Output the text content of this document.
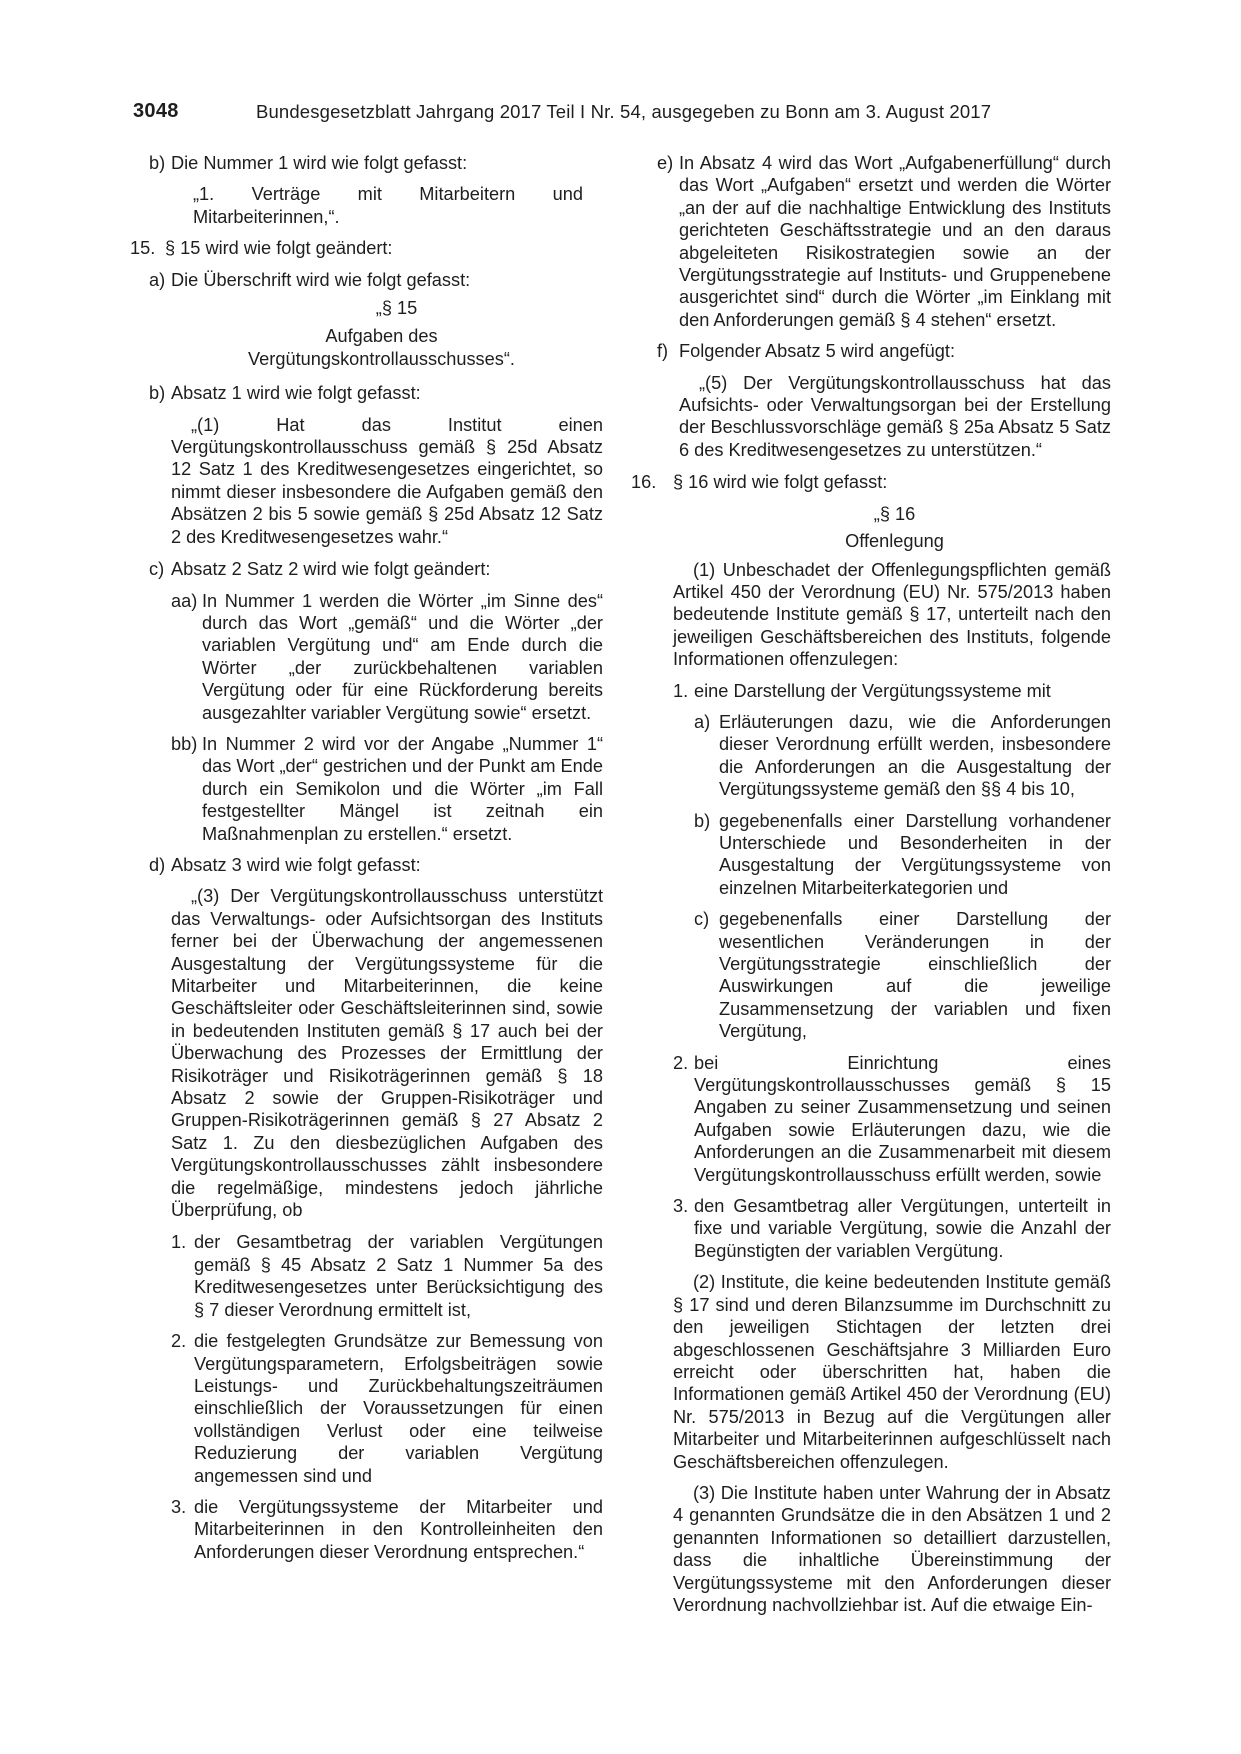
3048	Bundesgesetzblatt Jahrgang 2017 Teil I Nr. 54, ausgegeben zu Bonn am 3. August 2017
b) Die Nummer 1 wird wie folgt gefasst:
„1. Verträge mit Mitarbeitern und Mitarbeiterinnen,“.
15. § 15 wird wie folgt geändert:
a) Die Überschrift wird wie folgt gefasst:
„§ 15
Aufgaben des Vergütungskontrollausschusses“.
b) Absatz 1 wird wie folgt gefasst:
„(1) Hat das Institut einen Vergütungskontrollausschuss gemäß § 25d Absatz 12 Satz 1 des Kreditwesengesetzes eingerichtet, so nimmt dieser insbesondere die Aufgaben gemäß den Absätzen 2 bis 5 sowie gemäß § 25d Absatz 12 Satz 2 des Kreditwesengesetzes wahr.“
c) Absatz 2 Satz 2 wird wie folgt geändert:
aa) In Nummer 1 werden die Wörter „im Sinne des“ durch das Wort „gemäß“ und die Wörter „der variablen Vergütung und“ am Ende durch die Wörter „der zurückbehaltenen variablen Vergütung oder für eine Rückforderung bereits ausgezahlter variabler Vergütung sowie“ ersetzt.
bb) In Nummer 2 wird vor der Angabe „Nummer 1“ das Wort „der“ gestrichen und der Punkt am Ende durch ein Semikolon und die Wörter „im Fall festgestellter Mängel ist zeitnah ein Maßnahmenplan zu erstellen.“ ersetzt.
d) Absatz 3 wird wie folgt gefasst:
„(3) Der Vergütungskontrollausschuss unterstützt das Verwaltungs- oder Aufsichtsorgan des Instituts ferner bei der Überwachung der angemessenen Ausgestaltung der Vergütungssysteme für die Mitarbeiter und Mitarbeiterinnen, die keine Geschäftsleiter oder Geschäftsleiterinnen sind, sowie in bedeutenden Instituten gemäß § 17 auch bei der Überwachung des Prozesses der Ermittlung der Risikoträger und Risikoträgerinnen gemäß § 18 Absatz 2 sowie der Gruppen-Risikoträger und Gruppen-Risikoträgerinnen gemäß § 27 Absatz 2 Satz 1. Zu den diesbezüglichen Aufgaben des Vergütungskontrollausschusses zählt insbesondere die regelmäßige, mindestens jedoch jährliche Überprüfung, ob
1. der Gesamtbetrag der variablen Vergütungen gemäß § 45 Absatz 2 Satz 1 Nummer 5a des Kreditwesengesetzes unter Berücksichtigung des § 7 dieser Verordnung ermittelt ist,
2. die festgelegten Grundsätze zur Bemessung von Vergütungsparametern, Erfolgsbeiträgen sowie Leistungs- und Zurückbehaltungszeiträumen einschließlich der Voraussetzungen für einen vollständigen Verlust oder eine teilweise Reduzierung der variablen Vergütung angemessen sind und
3. die Vergütungssysteme der Mitarbeiter und Mitarbeiterinnen in den Kontrolleinheiten den Anforderungen dieser Verordnung entsprechen.“
e) In Absatz 4 wird das Wort „Aufgabenerfüllung“ durch das Wort „Aufgaben“ ersetzt und werden die Wörter „an der auf die nachhaltige Entwicklung des Instituts gerichteten Geschäftsstrategie und an den daraus abgeleiteten Risikostrategien sowie an der Vergütungsstrategie auf Instituts- und Gruppenebene ausgerichtet sind“ durch die Wörter „im Einklang mit den Anforderungen gemäß § 4 stehen“ ersetzt.
f) Folgender Absatz 5 wird angefügt:
„(5) Der Vergütungskontrollausschuss hat das Aufsichts- oder Verwaltungsorgan bei der Erstellung der Beschlussvorschläge gemäß § 25a Absatz 5 Satz 6 des Kreditwesengesetzes zu unterstützen.“
16. § 16 wird wie folgt gefasst:
„§ 16
Offenlegung
(1) Unbeschadet der Offenlegungspflichten gemäß Artikel 450 der Verordnung (EU) Nr. 575/2013 haben bedeutende Institute gemäß § 17, unterteilt nach den jeweiligen Geschäftsbereichen des Instituts, folgende Informationen offenzulegen:
1. eine Darstellung der Vergütungssysteme mit
a) Erläuterungen dazu, wie die Anforderungen dieser Verordnung erfüllt werden, insbesondere die Anforderungen an die Ausgestaltung der Vergütungssysteme gemäß den §§ 4 bis 10,
b) gegebenenfalls einer Darstellung vorhandener Unterschiede und Besonderheiten in der Ausgestaltung der Vergütungssysteme von einzelnen Mitarbeiterkategorien und
c) gegebenenfalls einer Darstellung der wesentlichen Veränderungen in der Vergütungsstrategie einschließlich der Auswirkungen auf die jeweilige Zusammensetzung der variablen und fixen Vergütung,
2. bei Einrichtung eines Vergütungskontrollausschusses gemäß § 15 Angaben zu seiner Zusammensetzung und seinen Aufgaben sowie Erläuterungen dazu, wie die Anforderungen an die Zusammenarbeit mit diesem Vergütungskontrollausschuss erfüllt werden, sowie
3. den Gesamtbetrag aller Vergütungen, unterteilt in fixe und variable Vergütung, sowie die Anzahl der Begünstigten der variablen Vergütung.
(2) Institute, die keine bedeutenden Institute gemäß § 17 sind und deren Bilanzsumme im Durchschnitt zu den jeweiligen Stichtagen der letzten drei abgeschlossenen Geschäftsjahre 3 Milliarden Euro erreicht oder überschritten hat, haben die Informationen gemäß Artikel 450 der Verordnung (EU) Nr. 575/2013 in Bezug auf die Vergütungen aller Mitarbeiter und Mitarbeiterinnen aufgeschlüsselt nach Geschäftsbereichen offenzulegen.
(3) Die Institute haben unter Wahrung der in Absatz 4 genannten Grundsätze die in den Absätzen 1 und 2 genannten Informationen so detailliert darzustellen, dass die inhaltliche Übereinstimmung der Vergütungssysteme mit den Anforderungen dieser Verordnung nachvollziehbar ist. Auf die etwaige Ein-
